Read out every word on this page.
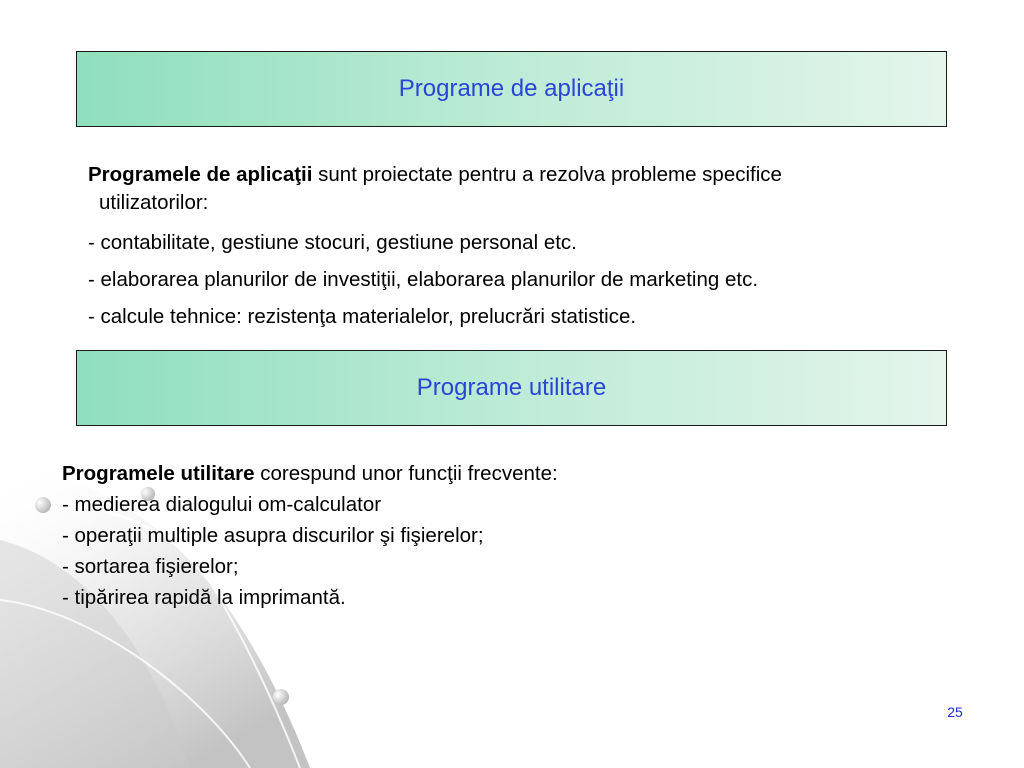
Programe de aplicaţii

Programele de aplicaţii sunt proiectate pentru a rezolva probleme specifice

utilizatorilor:

- contabilitate, gestiune stocuri, gestiune personal etc.

- elaborarea planurilor de investiţii, elaborarea planurilor de marketing etc.

- calcule tehnice: rezistenţa materialelor, prelucrări statistice.

Programe utilitare

Programele utilitare corespund unor funcţii frecvente:

- medierea dialogului om-calculator

- operaţii multiple asupra discurilor şi fişierelor;

- sortarea fişierelor;

- tipărirea rapidă la imprimantă.

25
